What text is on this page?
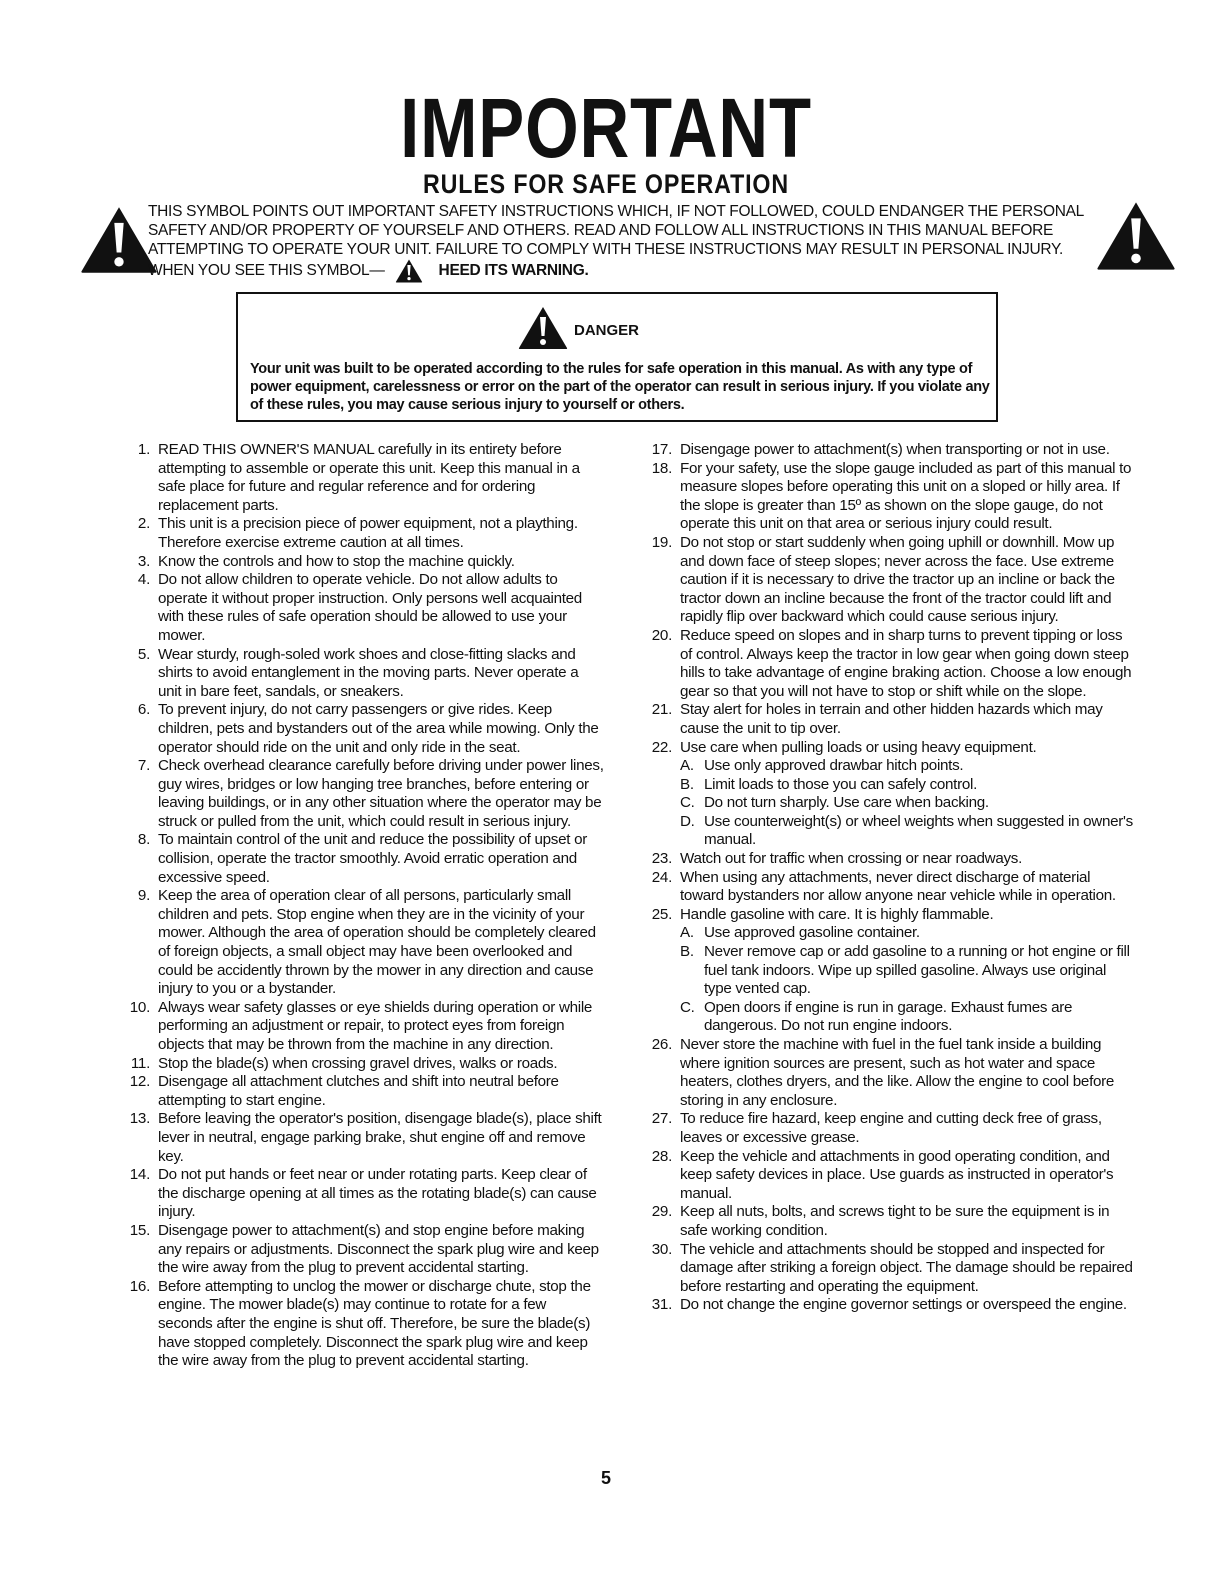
IMPORTANT
RULES FOR SAFE OPERATION
THIS SYMBOL POINTS OUT IMPORTANT SAFETY INSTRUCTIONS WHICH, IF NOT FOLLOWED, COULD ENDANGER THE PERSONAL SAFETY AND/OR PROPERTY OF YOURSELF AND OTHERS. READ AND FOLLOW ALL INSTRUCTIONS IN THIS MANUAL BEFORE ATTEMPTING TO OPERATE YOUR UNIT. FAILURE TO COMPLY WITH THESE INSTRUCTIONS MAY RESULT IN PERSONAL INJURY. WHEN YOU SEE THIS SYMBOL—	HEED ITS WARNING.
DANGER
Your unit was built to be operated according to the rules for safe operation in this manual. As with any type of power equipment, carelessness or error on the part of the operator can result in serious injury. If you violate any of these rules, you may cause serious injury to yourself or others.
1. READ THIS OWNER'S MANUAL carefully in its entirety before attempting to assemble or operate this unit. Keep this manual in a safe place for future and regular reference and for ordering replacement parts.
2. This unit is a precision piece of power equipment, not a plaything. Therefore exercise extreme caution at all times.
3. Know the controls and how to stop the machine quickly.
4. Do not allow children to operate vehicle. Do not allow adults to operate it without proper instruction. Only persons well acquainted with these rules of safe operation should be allowed to use your mower.
5. Wear sturdy, rough-soled work shoes and close-fitting slacks and shirts to avoid entanglement in the moving parts. Never operate a unit in bare feet, sandals, or sneakers.
6. To prevent injury, do not carry passengers or give rides. Keep children, pets and bystanders out of the area while mowing. Only the operator should ride on the unit and only ride in the seat.
7. Check overhead clearance carefully before driving under power lines, guy wires, bridges or low hanging tree branches, before entering or leaving buildings, or in any other situation where the operator may be struck or pulled from the unit, which could result in serious injury.
8. To maintain control of the unit and reduce the possibility of upset or collision, operate the tractor smoothly. Avoid erratic operation and excessive speed.
9. Keep the area of operation clear of all persons, particularly small children and pets. Stop engine when they are in the vicinity of your mower. Although the area of operation should be completely cleared of foreign objects, a small object may have been overlooked and could be accidently thrown by the mower in any direction and cause injury to you or a bystander.
10. Always wear safety glasses or eye shields during operation or while performing an adjustment or repair, to protect eyes from foreign objects that may be thrown from the machine in any direction.
11. Stop the blade(s) when crossing gravel drives, walks or roads.
12. Disengage all attachment clutches and shift into neutral before attempting to start engine.
13. Before leaving the operator's position, disengage blade(s), place shift lever in neutral, engage parking brake, shut engine off and remove key.
14. Do not put hands or feet near or under rotating parts. Keep clear of the discharge opening at all times as the rotating blade(s) can cause injury.
15. Disengage power to attachment(s) and stop engine before making any repairs or adjustments. Disconnect the spark plug wire and keep the wire away from the plug to prevent accidental starting.
16. Before attempting to unclog the mower or discharge chute, stop the engine. The mower blade(s) may continue to rotate for a few seconds after the engine is shut off. Therefore, be sure the blade(s) have stopped completely. Disconnect the spark plug wire and keep the wire away from the plug to prevent accidental starting.
17. Disengage power to attachment(s) when transporting or not in use.
18. For your safety, use the slope gauge included as part of this manual to measure slopes before operating this unit on a sloped or hilly area. If the slope is greater than 15º as shown on the slope gauge, do not operate this unit on that area or serious injury could result.
19. Do not stop or start suddenly when going uphill or downhill. Mow up and down face of steep slopes; never across the face. Use extreme caution if it is necessary to drive the tractor up an incline or back the tractor down an incline because the front of the tractor could lift and rapidly flip over backward which could cause serious injury.
20. Reduce speed on slopes and in sharp turns to prevent tipping or loss of control. Always keep the tractor in low gear when going down steep hills to take advantage of engine braking action. Choose a low enough gear so that you will not have to stop or shift while on the slope.
21. Stay alert for holes in terrain and other hidden hazards which may cause the unit to tip over.
22. Use care when pulling loads or using heavy equipment.
A. Use only approved drawbar hitch points.
B. Limit loads to those you can safely control.
C. Do not turn sharply. Use care when backing.
D. Use counterweight(s) or wheel weights when suggested in owner's manual.
23. Watch out for traffic when crossing or near roadways.
24. When using any attachments, never direct discharge of material toward bystanders nor allow anyone near vehicle while in operation.
25. Handle gasoline with care. It is highly flammable.
A. Use approved gasoline container.
B. Never remove cap or add gasoline to a running or hot engine or fill fuel tank indoors. Wipe up spilled gasoline. Always use original type vented cap.
C. Open doors if engine is run in garage. Exhaust fumes are dangerous. Do not run engine indoors.
26. Never store the machine with fuel in the fuel tank inside a building where ignition sources are present, such as hot water and space heaters, clothes dryers, and the like. Allow the engine to cool before storing in any enclosure.
27. To reduce fire hazard, keep engine and cutting deck free of grass, leaves or excessive grease.
28. Keep the vehicle and attachments in good operating condition, and keep safety devices in place. Use guards as instructed in operator's manual.
29. Keep all nuts, bolts, and screws tight to be sure the equipment is in safe working condition.
30. The vehicle and attachments should be stopped and inspected for damage after striking a foreign object. The damage should be repaired before restarting and operating the equipment.
31. Do not change the engine governor settings or overspeed the engine.
5
